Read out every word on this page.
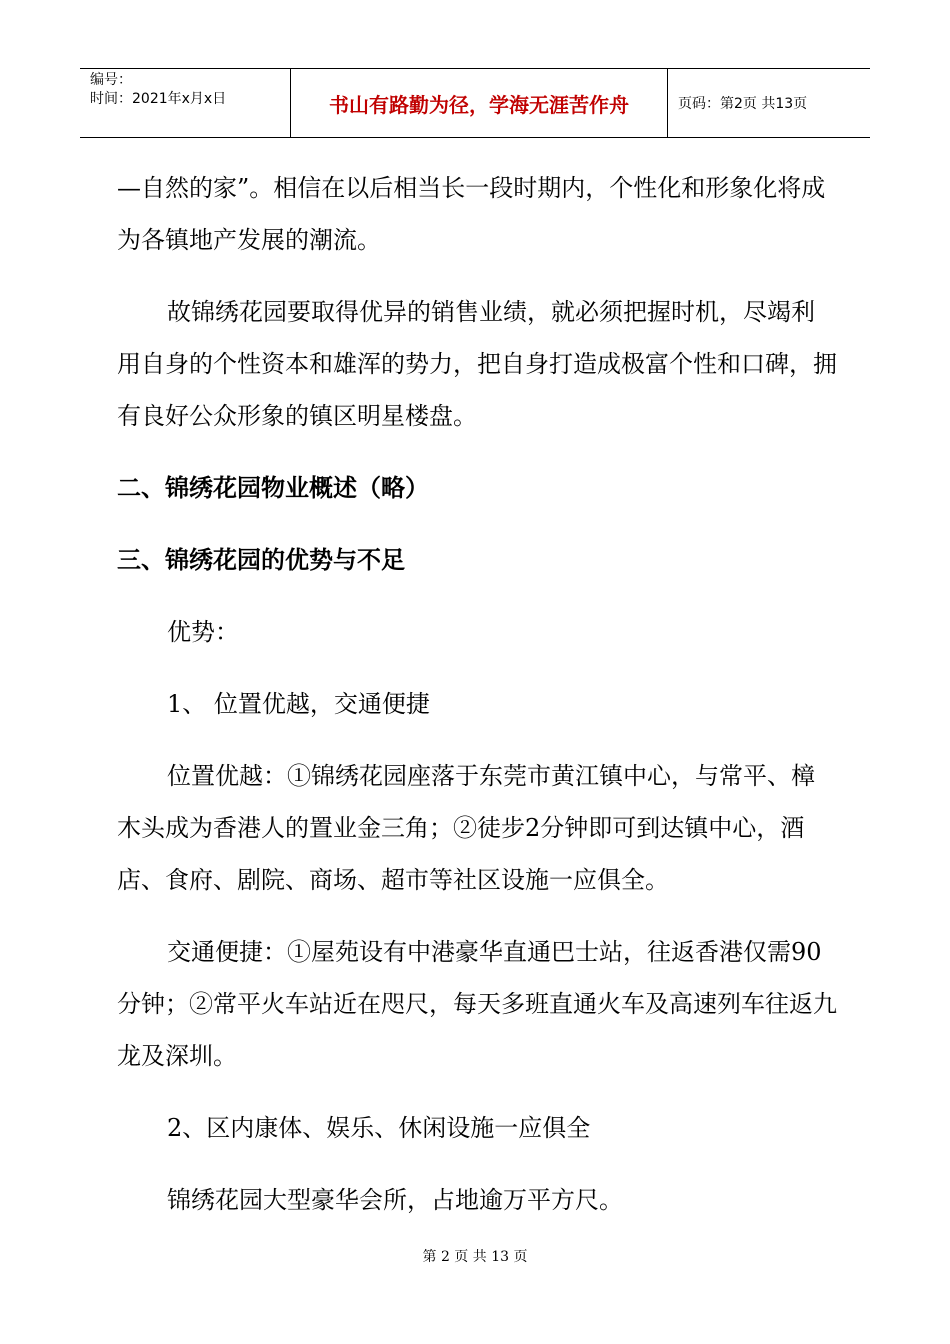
编号：
时间：2021年x月x日	书山有路勤为径，学海无涯苦作舟	页码：第2页 共13页

—自然的家”。相信在以后相当长一段时期内，个性化和形象化将成为各镇地产发展的潮流。

故锦绣花园要取得优异的销售业绩，就必须把握时机，尽竭利用自身的个性资本和雄浑的势力，把自身打造成极富个性和口碑，拥有良好公众形象的镇区明星楼盘。

二、锦绣花园物业概述（略）

三、锦绣花园的优势与不足

优势：

1、 位置优越，交通便捷

位置优越：①锦绣花园座落于东莞市黄江镇中心，与常平、樟木头成为香港人的置业金三角；②徒步2分钟即可到达镇中心，酒店、食府、剧院、商场、超市等社区设施一应俱全。

交通便捷：①屋苑设有中港豪华直通巴士站，往返香港仅需90分钟；②常平火车站近在咫尺，每天多班直通火车及高速列车往返九龙及深圳。

2、区内康体、娱乐、休闲设施一应俱全

锦绣花园大型豪华会所，占地逾万平方尺。

第 2 页 共 13 页
